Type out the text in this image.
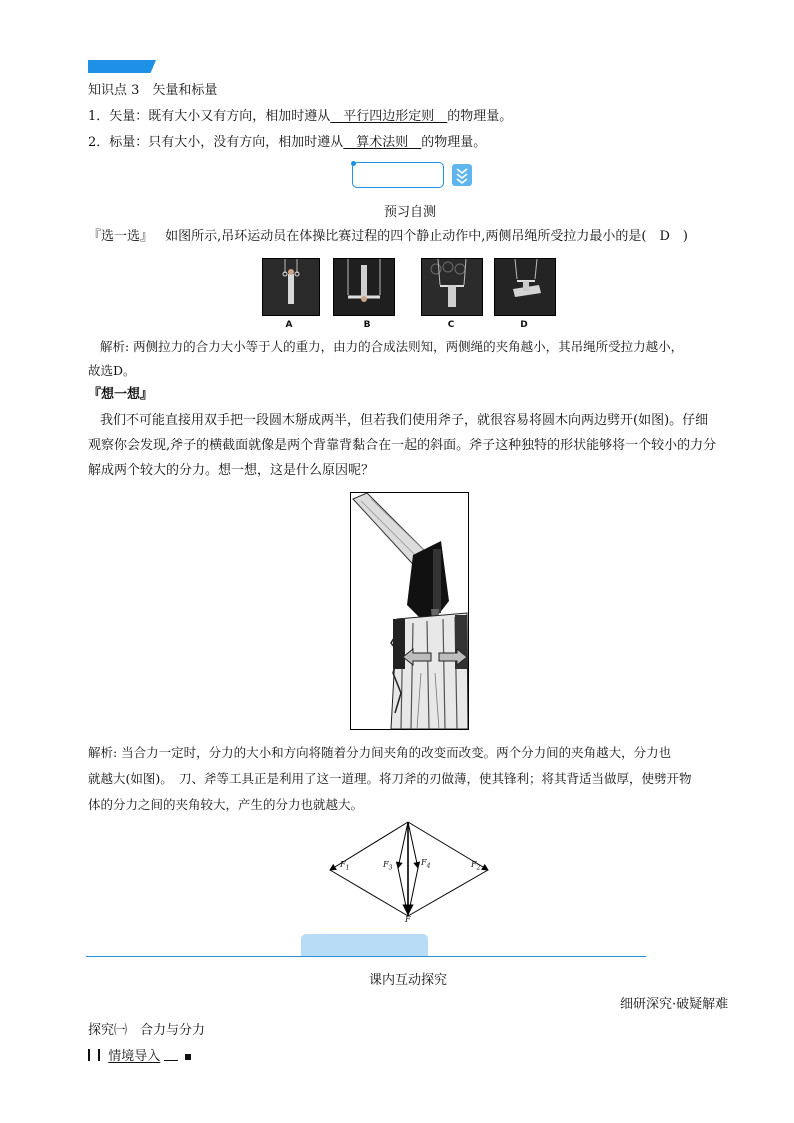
知识点 3　矢量和标量
1．矢量：既有大小又有方向，相加时遵从　平行四边形定则　的物理量。
2．标量：只有大小，没有方向，相加时遵从　算术法则　的物理量。
预习自测
『选一选』 如图所示,吊环运动员在体操比赛过程的四个静止动作中,两侧吊绳所受拉力最小的是(　D　)
A	B	C	D
解析: 两侧拉力的合力大小等于人的重力，由力的合成法则知，两侧绳的夹角越小，其吊绳所受拉力越小，
故选D。
『想一想』
我们不可能直接用双手把一段圆木掰成两半，但若我们使用斧子，就很容易将圆木向两边劈开(如图)。仔细
观察你会发现,斧子的横截面就像是两个背靠背黏合在一起的斜面。斧子这种独特的形状能够将一个较小的力分
解成两个较大的分力。想一想，这是什么原因呢？
解析: 当合力一定时，分力的大小和方向将随着分力间夹角的改变而改变。两个分力间的夹角越大，分力也
就越大(如图)。　刀、斧等工具正是利用了这一道理。将刀斧的刃做薄，使其锋利；将其背适当做厚，使劈开物
体的分力之间的夹角较大，产生的分力也就越大。
$F_1$	$F_3$
$F_4$	$F_2$
F
课内互动探究
细研深究·破疑解难
探究㈠　合力与分力
情境导入
